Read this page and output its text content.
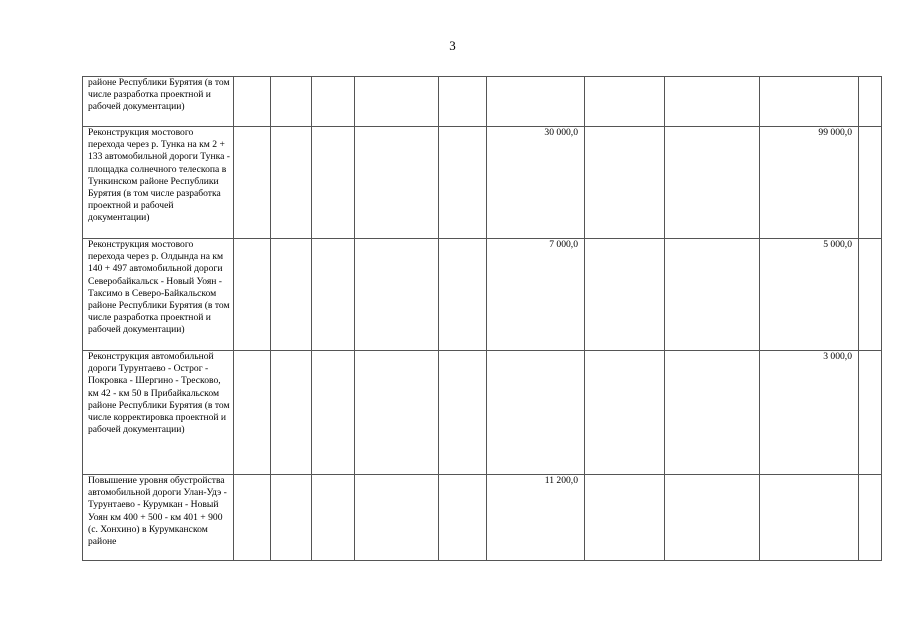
3
районе Республики Бурятия (в том числе разработка проектной и рабочей документации)										
Реконструкция мостового перехода через р. Тунка на км 2 + 133 автомобильной дороги Тунка - площадка солнечного телескопа в Тункинском районе Республики Бурятия (в том числе разработка проектной и рабочей документации)						30 000,0			99 000,0	
Реконструкция мостового перехода через р. Олдында на км 140 + 497 автомобильной дороги Северобайкальск - Новый Уоян - Таксимо в Северо-Байкальском районе Республики Бурятия (в том числе разработка проектной и рабочей документации)						7 000,0			5 000,0	
Реконструкция автомобильной дороги Турунтаево - Острог - Покровка - Шергино - Тресково, км 42 - км 50 в Прибайкальском районе Республики Бурятия (в том числе корректировка проектной и рабочей документации)									3 000,0	
Повышение уровня обустройства автомобильной дороги Улан-Удэ - Турунтаево - Курумкан - Новый Уоян км 400 + 500 - км 401 + 900 (с. Хонхино) в Курумканском районе						11 200,0				
